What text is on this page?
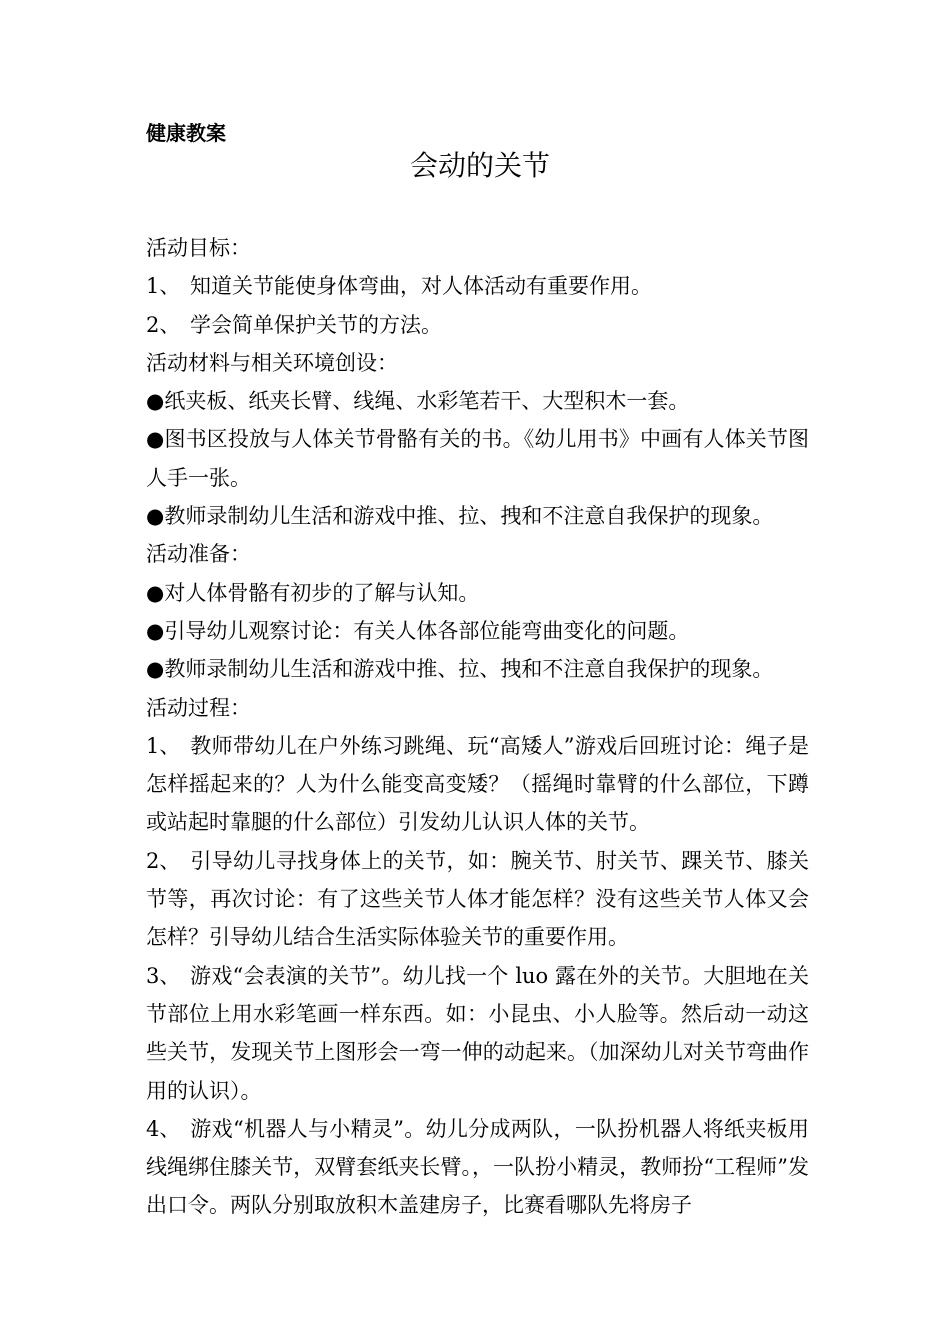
健康教案

会动的关节

活动目标：

1、 知道关节能使身体弯曲，对人体活动有重要作用。

2、 学会简单保护关节的方法。

活动材料与相关环境创设：

●纸夹板、纸夹长臂、线绳、水彩笔若干、大型积木一套。

●图书区投放与人体关节骨骼有关的书。《幼儿用书》中画有人体关节图人手一张。

●教师录制幼儿生活和游戏中推、拉、拽和不注意自我保护的现象。

活动准备：

●对人体骨骼有初步的了解与认知。

●引导幼儿观察讨论：有关人体各部位能弯曲变化的问题。

●教师录制幼儿生活和游戏中推、拉、拽和不注意自我保护的现象。

活动过程：

1、 教师带幼儿在户外练习跳绳、玩“高矮人”游戏后回班讨论：绳子是怎样摇起来的？人为什么能变高变矮？（摇绳时靠臂的什么部位，下蹲或站起时靠腿的什么部位）引发幼儿认识人体的关节。

2、 引导幼儿寻找身体上的关节，如：腕关节、肘关节、踝关节、膝关节等，再次讨论：有了这些关节人体才能怎样？没有这些关节人体又会怎样？引导幼儿结合生活实际体验关节的重要作用。

3、 游戏“会表演的关节”。幼儿找一个 luo 露在外的关节。大胆地在关节部位上用水彩笔画一样东西。如：小昆虫、小人脸等。然后动一动这些关节，发现关节上图形会一弯一伸的动起来。（加深幼儿对关节弯曲作用的认识）。

4、 游戏“机器人与小精灵”。幼儿分成两队，一队扮机器人将纸夹板用线绳绑住膝关节，双臂套纸夹长臂。，一队扮小精灵，教师扮“工程师”发出口令。两队分别取放积木盖建房子，比赛看哪队先将房子
